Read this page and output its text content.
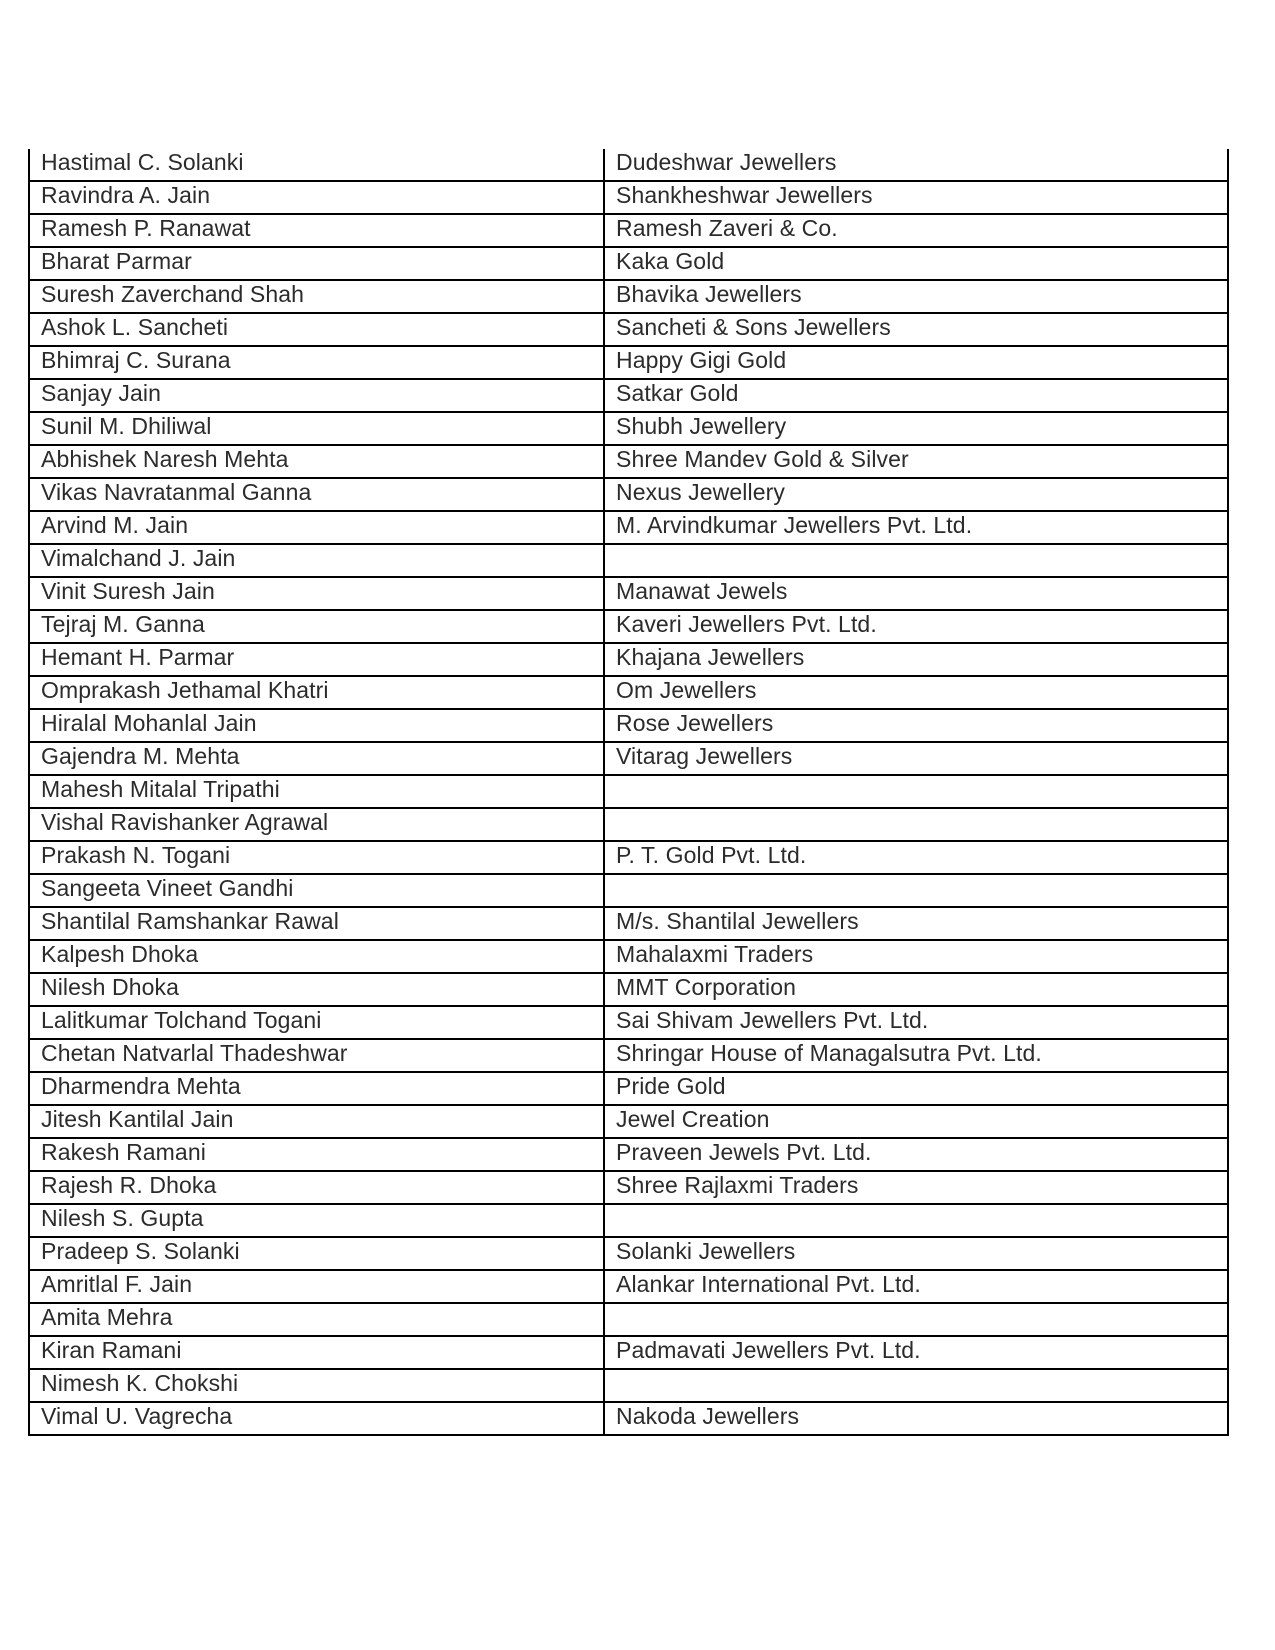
Hastimal C. Solanki	Dudeshwar Jewellers
Ravindra A. Jain	Shankheshwar Jewellers
Ramesh P. Ranawat	Ramesh Zaveri & Co.
Bharat Parmar	Kaka Gold
Suresh Zaverchand Shah	Bhavika Jewellers
Ashok L. Sancheti	Sancheti & Sons Jewellers
Bhimraj C. Surana	Happy Gigi Gold
Sanjay Jain	Satkar Gold
Sunil M. Dhiliwal	Shubh Jewellery
Abhishek Naresh Mehta	Shree Mandev Gold & Silver
Vikas Navratanmal Ganna	Nexus Jewellery
Arvind M. Jain	M. Arvindkumar Jewellers Pvt. Ltd.
Vimalchand J. Jain	
Vinit Suresh Jain	Manawat Jewels
Tejraj M. Ganna	Kaveri Jewellers Pvt. Ltd.
Hemant H. Parmar	Khajana Jewellers
Omprakash Jethamal Khatri	Om Jewellers
Hiralal Mohanlal Jain	Rose Jewellers
Gajendra M. Mehta	Vitarag Jewellers
Mahesh Mitalal Tripathi	
Vishal Ravishanker Agrawal	
Prakash N. Togani	P. T. Gold Pvt. Ltd.
Sangeeta Vineet Gandhi	
Shantilal Ramshankar Rawal	M/s. Shantilal Jewellers
Kalpesh Dhoka	Mahalaxmi Traders
Nilesh Dhoka	MMT Corporation
Lalitkumar Tolchand Togani	Sai Shivam Jewellers Pvt. Ltd.
Chetan Natvarlal Thadeshwar	Shringar House of Managalsutra Pvt. Ltd.
Dharmendra Mehta	Pride Gold
Jitesh Kantilal Jain	Jewel Creation
Rakesh Ramani	Praveen Jewels Pvt. Ltd.
Rajesh R. Dhoka	Shree Rajlaxmi Traders
Nilesh S. Gupta	
Pradeep S. Solanki	Solanki Jewellers
Amritlal F. Jain	Alankar International Pvt. Ltd.
Amita Mehra	
Kiran Ramani	Padmavati Jewellers Pvt. Ltd.
Nimesh K. Chokshi	
Vimal U. Vagrecha	Nakoda Jewellers
